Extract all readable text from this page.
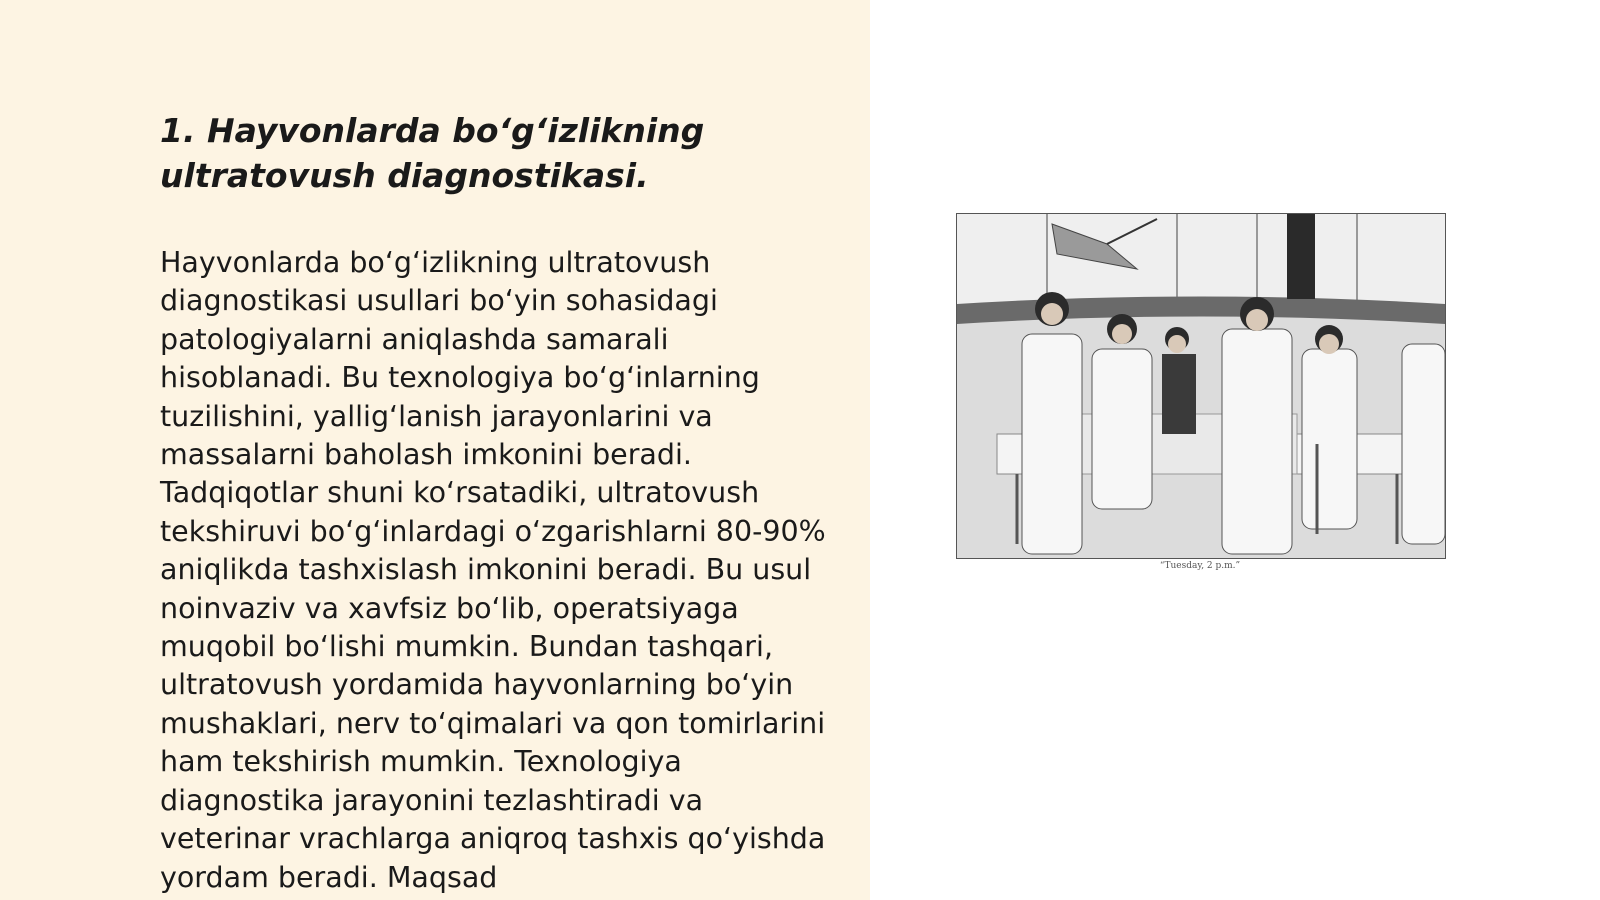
1. Hayvonlarda bo‘g‘izlikning ultratovush diagnostikasi.

Hayvonlarda bo‘g‘izlikning ultratovush diagnostikasi usullari bo‘yin sohasidagi patologiyalarni aniqlashda samarali hisoblanadi. Bu texnologiya bo‘g‘inlarning tuzilishini, yallig‘lanish jarayonlarini va massalarni baholash imkonini beradi. Tadqiqotlar shuni ko‘rsatadiki, ultratovush tekshiruvi bo‘g‘inlardagi o‘zgarishlarni 80-90% aniqlikda tashxislash imkonini beradi. Bu usul noinvaziv va xavfsiz bo‘lib, operatsiyaga muqobil bo‘lishi mumkin. Bundan tashqari, ultratovush yordamida hayvonlarning bo‘yin mushaklari, nerv to‘qimalari va qon tomirlarini ham tekshirish mumkin. Texnologiya diagnostika jarayonini tezlashtiradi va veterinar vrachlarga aniqroq tashxis qo‘yishda yordam beradi. Maqsad

“Tuesday, 2 p.m.”
